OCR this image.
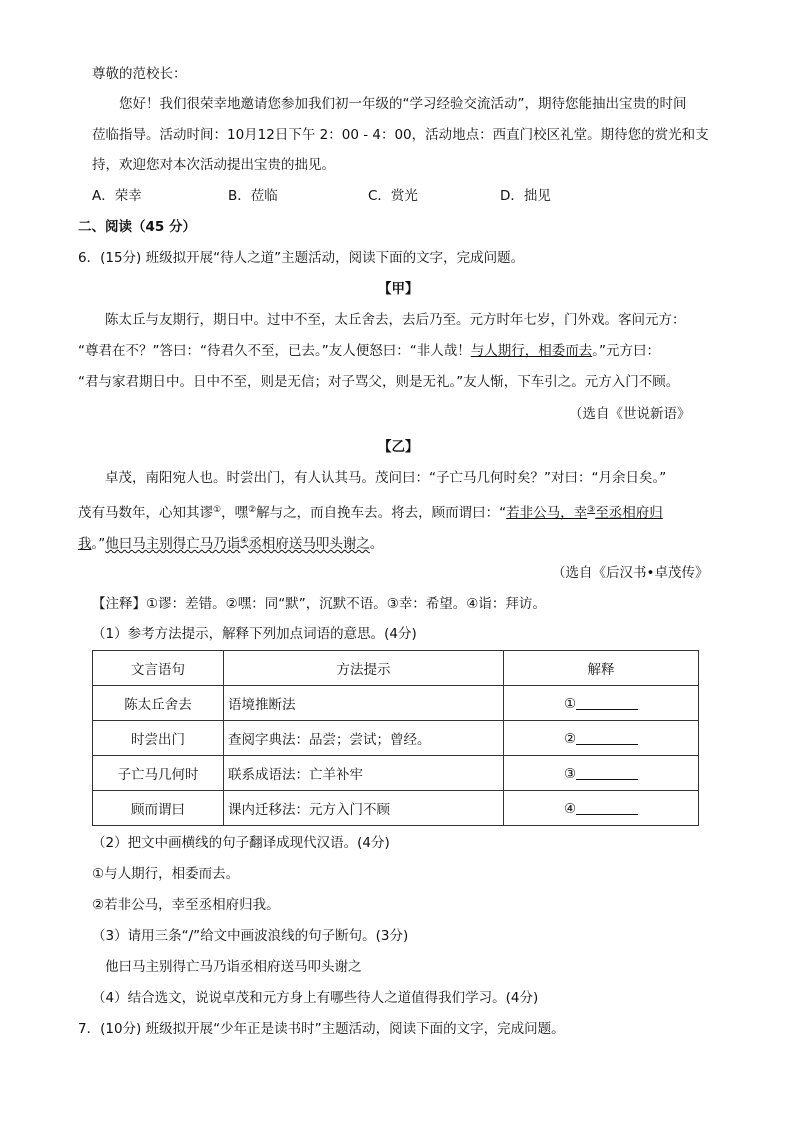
尊敬的范校长：
您好！我们很荣幸地邀请您参加我们初一年级的“学习经验交流活动”，期待您能抽出宝贵的时间
莅临指导。活动时间：10月12日下午 2：00 - 4：00，活动地点：西直门校区礼堂。期待您的赏光和支
持，欢迎您对本次活动提出宝贵的拙见。
A．荣幸	B．莅临	C．赏光	D．拙见
二、阅读（45 分）
6．(15分) 班级拟开展“待人之道”主题活动，阅读下面的文字，完成问题。
【甲】
陈太丘与友期行，期日中。过中不至，太丘舍去，去后乃至。元方时年七岁，门外戏。客问元方：
“尊君在不？”答曰：“待君久不至，已去。”友人便怒曰：“非人哉！与人期行，相委而去。”元方曰：
“君与家君期日中。日中不至，则是无信；对子骂父，则是无礼。”友人惭，下车引之。元方入门不顾。
（选自《世说新语》
【乙】
卓茂，南阳宛人也。时尝出门，有人认其马。茂问曰：“子亡马几何时矣？”对曰：“月余日矣。”
茂有马数年，心知其谬①，嘿②解与之，而自挽车去。将去，顾而谓曰：“若非公马，幸③至丞相府归
我。”他曰马主别得亡马乃诣④丞相府送马叩头谢之。
（选自《后汉书•卓茂传》
【注释】①谬：差错。②嘿：同“默”，沉默不语。③幸：希望。④诣：拜访。
（1）参考方法提示，解释下列加点词语的意思。(4分)
文言语句	方法提示	解释
陈太丘舍去	语境推断法	①
时尝出门	查阅字典法：品尝；尝试；曾经。	②
子亡马几何时	联系成语法：亡羊补牢	③
顾而谓曰	课内迁移法：元方入门不顾	④
（2）把文中画横线的句子翻译成现代汉语。(4分)
①与人期行，相委而去。
②若非公马，幸至丞相府归我。
（3）请用三条“/”给文中画波浪线的句子断句。(3分)
他曰马主别得亡马乃诣丞相府送马叩头谢之
（4）结合选文，说说卓茂和元方身上有哪些待人之道值得我们学习。(4分)
7．(10分) 班级拟开展“少年正是读书时”主题活动，阅读下面的文字，完成问题。
